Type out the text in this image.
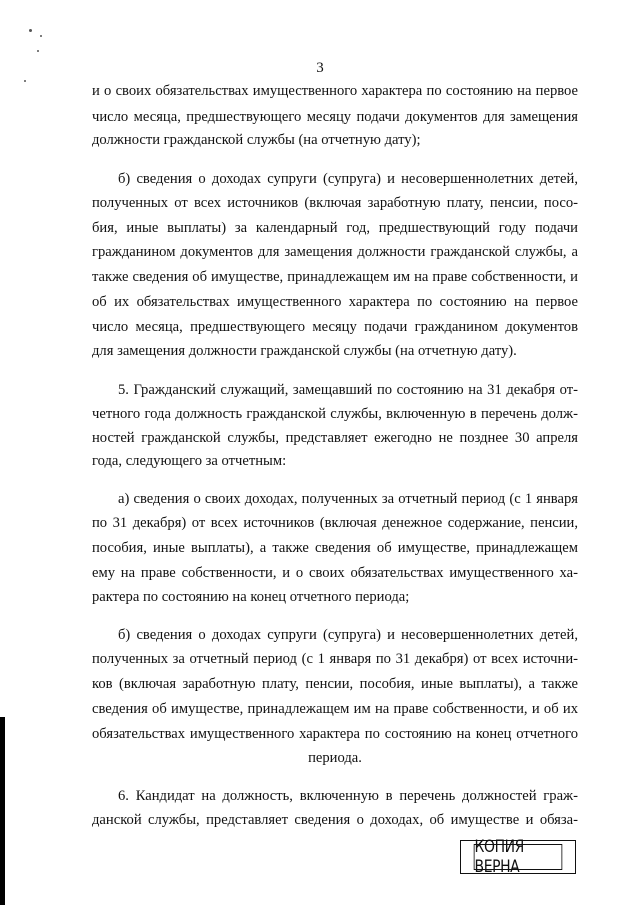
3
и о своих обязательствах имущественного характера по состоянию на первое
число месяца, предшествующего месяцу подачи документов для замещения
должности гражданской службы (на отчетную дату);
б) сведения о доходах супруги (супруга) и несовершеннолетних детей,
полученных от всех источников (включая заработную плату, пенсии, посо-
бия, иные выплаты) за календарный год, предшествующий году подачи
гражданином документов для замещения должности гражданской службы, а
также сведения об имуществе, принадлежащем им на праве собственности, и
об их обязательствах имущественного характера по состоянию на первое
число месяца, предшествующего месяцу подачи гражданином документов
для замещения должности гражданской службы (на отчетную дату).
5. Гражданский служащий, замещавший по состоянию на 31 декабря от-
четного года должность гражданской службы, включенную в перечень долж-
ностей гражданской службы, представляет ежегодно не позднее 30 апреля
года, следующего за отчетным:
а) сведения о своих доходах, полученных за отчетный период (с 1 января
по 31 декабря) от всех источников (включая денежное содержание, пенсии,
пособия, иные выплаты), а также сведения об имуществе, принадлежащем
ему на праве собственности, и о своих обязательствах имущественного ха-
рактера по состоянию на конец отчетного периода;
б) сведения о доходах супруги (супруга) и несовершеннолетних детей,
полученных за отчетный период (с 1 января по 31 декабря) от всех источни-
ков (включая заработную плату, пенсии, пособия, иные выплаты), а также
сведения об имуществе, принадлежащем им на праве собственности, и об их
обязательствах имущественного характера по состоянию на конец отчетного
периода.
6. Кандидат на должность, включенную в перечень должностей граж-
данской службы, представляет сведения о доходах, об имуществе и обяза-
КОПИЯ ВЕРНА
